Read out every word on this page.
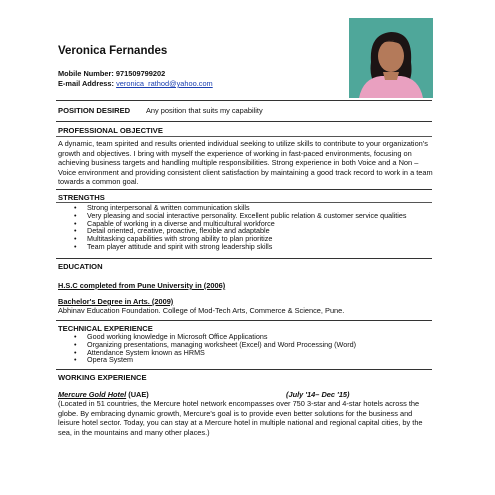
Veronica Fernandes
Mobile Number: 971509799202
E-mail Address: veronica_rathod@yahoo.com
POSITION DESIRED Any position that suits my capability
PROFESSIONAL OBJECTIVE
A dynamic, team spirited and results oriented individual seeking to utilize skills to contribute to your organization's growth and objectives. I bring with myself the experience of working in fast-paced environments, focusing on achieving business targets and handling multiple responsibilities. Strong experience in both Voice and a Non – Voice environment and providing consistent client satisfaction by maintaining a good track record to work in a team towards a common goal.
STRENGTHS
• Strong interpersonal & written communication skills
• Very pleasing and social interactive personality. Excellent public relation & customer service qualities
• Capable of working in a diverse and multicultural workforce
• Detail oriented, creative, proactive, flexible and adaptable
• Multitasking capabilities with strong ability to plan prioritize
• Team player attitude and spirit with strong leadership skills
EDUCATION
H.S.C completed from Pune University in (2006)
Bachelor's Degree in Arts. (2009)
Abhinav Education Foundation. College of Mod-Tech Arts, Commerce & Science, Pune.
TECHNICAL EXPERIENCE
• Good working knowledge in Microsoft Office Applications
• Organizing presentations, managing worksheet (Excel) and Word Processing (Word)
• Attendance System known as HRMS
• Opera System
WORKING EXPERIENCE
Mercure Gold Hotel (UAE)	(July '14– Dec '15)
(Located in 51 countries, the Mercure hotel network encompasses over 750 3-star and 4-star hotels across the globe. By embracing dynamic growth, Mercure's goal is to provide even better solutions for the business and leisure hotel sector. Today, you can stay at a Mercure hotel in multiple national and regional capital cities, by the sea, in the mountains and many other places.)
